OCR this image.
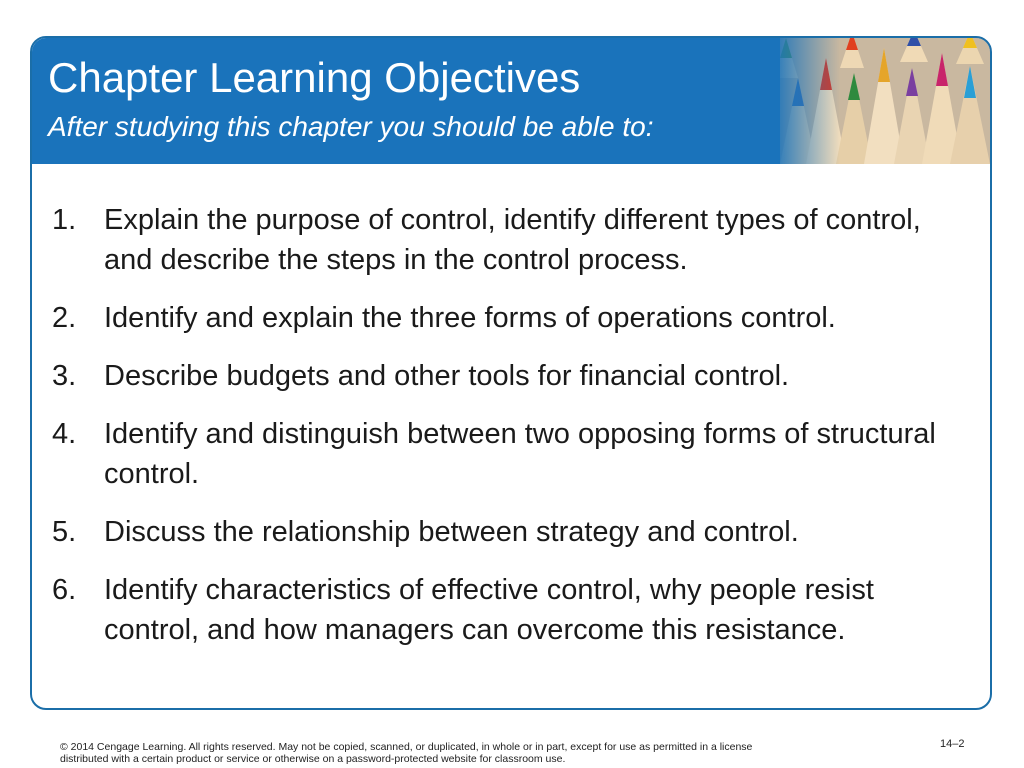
Chapter Learning Objectives

After studying this chapter you should be able to:

1. Explain the purpose of control, identify different types of control, and describe the steps in the control process.
2. Identify and explain the three forms of operations control.
3. Describe budgets and other tools for financial control.
4. Identify and distinguish between two opposing forms of structural control.
5. Discuss the relationship between strategy and control.
6. Identify characteristics of effective control, why people resist control, and how managers can overcome this resistance.

© 2014 Cengage Learning. All rights reserved. May not be copied, scanned, or duplicated, in whole or in part, except for use as permitted in a license distributed with a certain product or service or otherwise on a password-protected website for classroom use.

14–2
